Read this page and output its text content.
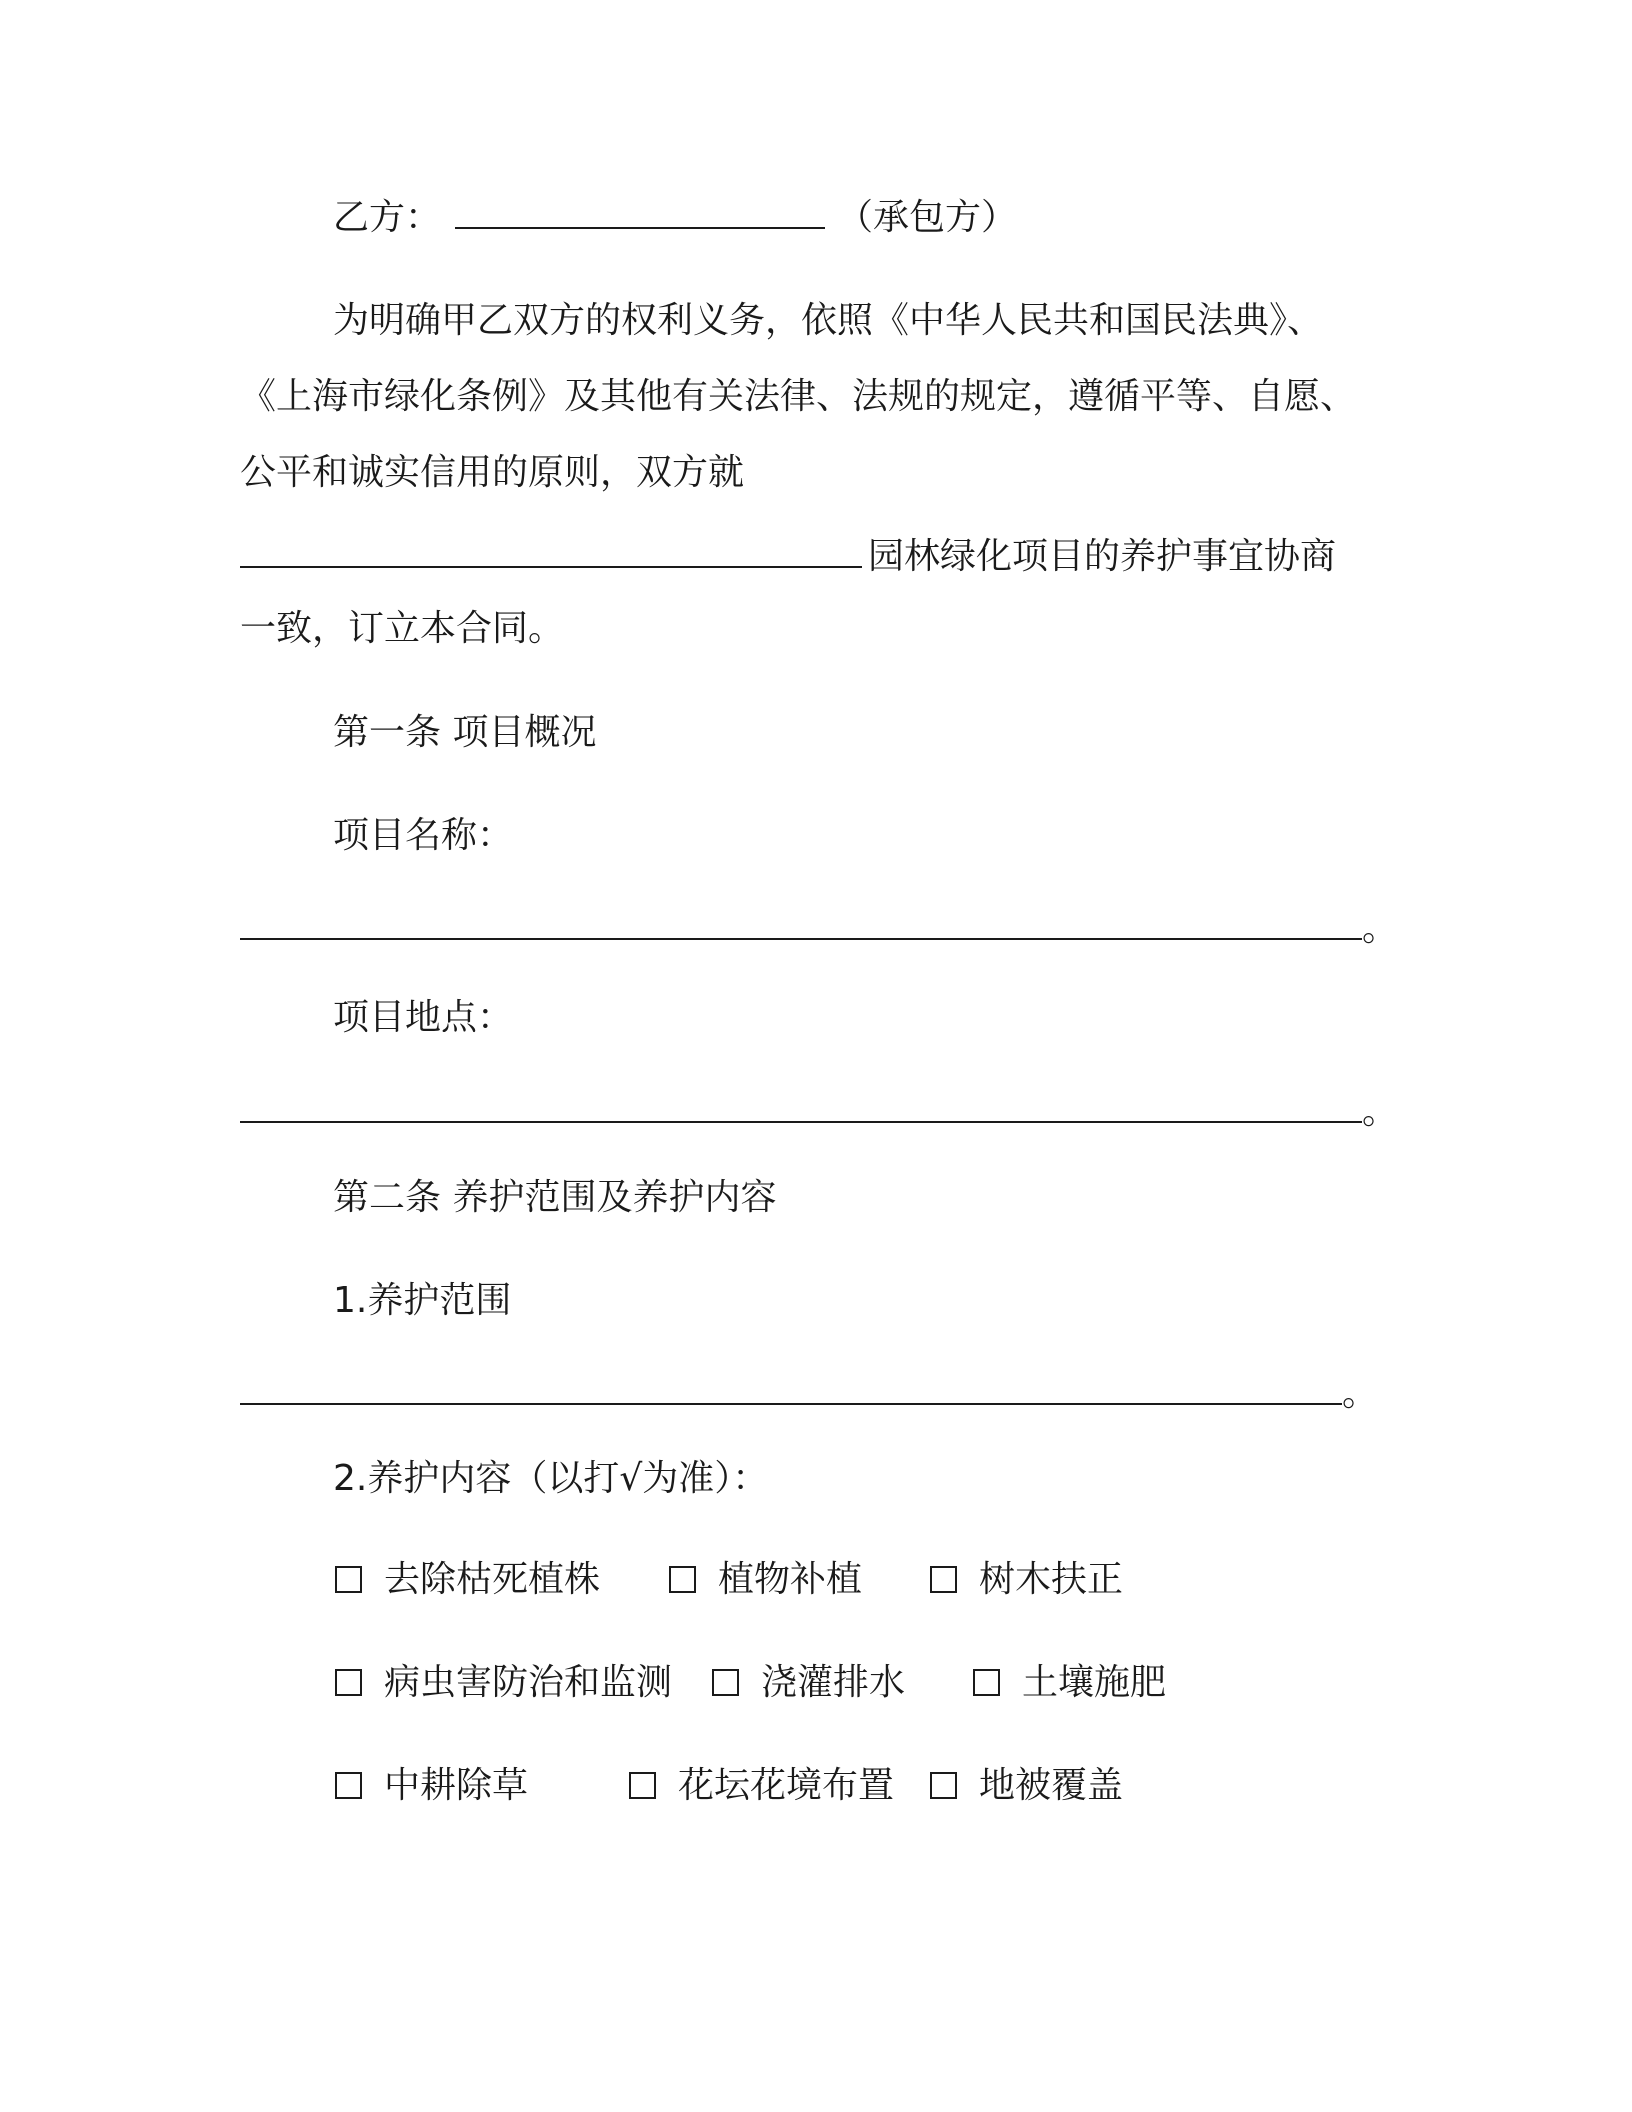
乙方：	（承包方）
为明确甲乙双方的权利义务，依照《中华人民共和国民法典》、
《上海市绿化条例》及其他有关法律、法规的规定，遵循平等、自愿、
公平和诚实信用的原则，双方就
园林绿化项目的养护事宜协商
一致，订立本合同。
第一条 项目概况
项目名称：
。
项目地点：
。
第二条 养护范围及养护内容
1.养护范围
。
2.养护内容（以打√为准）：
去除枯死植株	植物补植	树木扶正
病虫害防治和监测	浇灌排水	土壤施肥
中耕除草	花坛花境布置	地被覆盖
